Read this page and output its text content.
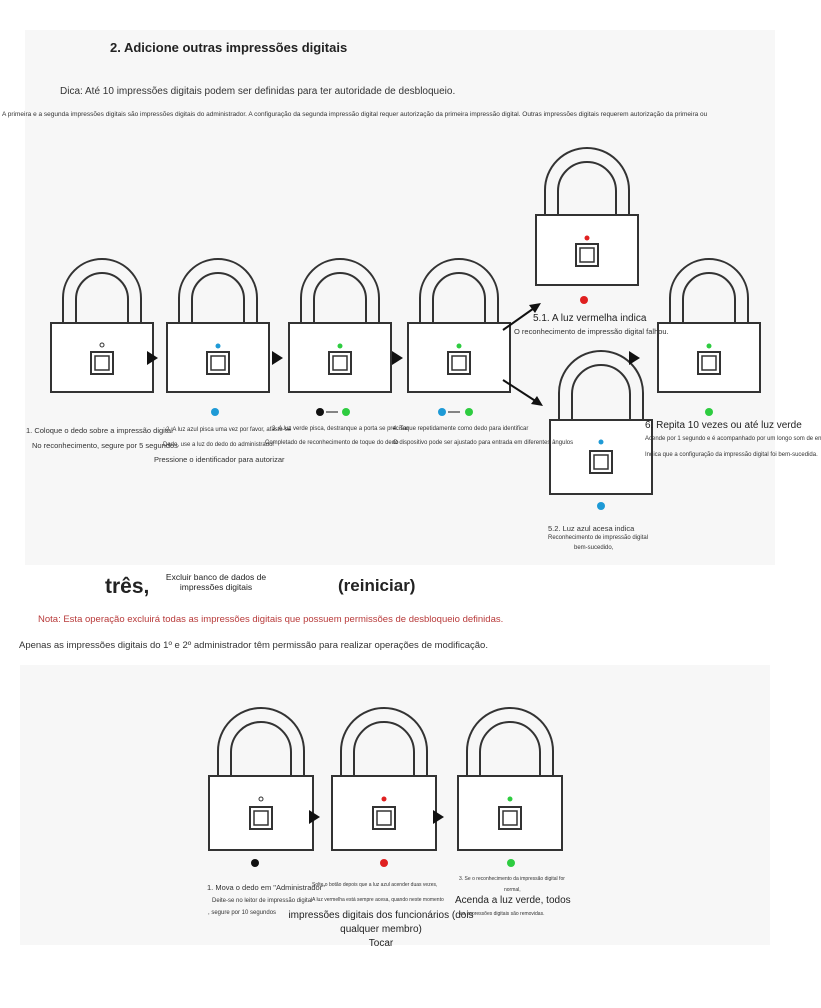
2. Adicione outras impressões digitais
Dica: Até 10 impressões digitais podem ser definidas para ter autoridade de desbloqueio.
A primeira e a segunda impressões digitais são impressões digitais do administrador. A configuração da segunda impressão digital requer autorização da primeira impressão digital. Outras impressões digitais requerem autorização da primeira ou
1. Coloque o dedo sobre a impressão digital
No reconhecimento, segure por 5 segundos
Pressione o identificador para autorizar
2. A luz azul pisca uma vez por favor, afaste-se
Dedo, use a luz do dedo do administrador
3. A luz verde pisca, destranque a porta se precisar
Completado de reconhecimento de toque do dedo
4. Toque repetidamente como dedo para identificar
O dispositivo pode ser ajustado para entrada em diferentes ângulos
5.1. A luz vermelha indica
O reconhecimento de impressão digital falhou.
5.2. Luz azul acesa indica
Reconhecimento de impressão digital
bem-sucedido,
6. Repita 10 vezes ou até luz verde
Acende por 1 segundo e é acompanhado por um longo som de en
Indica que a configuração da impressão digital foi bem-sucedida.
três, Excluir banco de dados de
impressões digitais	(reiniciar)
Nota: Esta operação excluirá todas as impressões digitais que possuem permissões de desbloqueio definidas.
Apenas as impressões digitais do 1º e 2º administrador têm permissão para realizar operações de modificação.
1. Mova o dedo em "Administrador"
Deite-se no leitor de impressão digital
, segure por 10 segundos
Solte o botão depois que a luz azul acender duas vezes,
A luz vermelha está sempre acesa, quando neste momento
impressões digitais dos funcionários (dois
qualquer membro)
Tocar
3. Se o reconhecimento da impressão digital for
normal,
Acenda a luz verde, todos
as impressões digitais são removidas.
